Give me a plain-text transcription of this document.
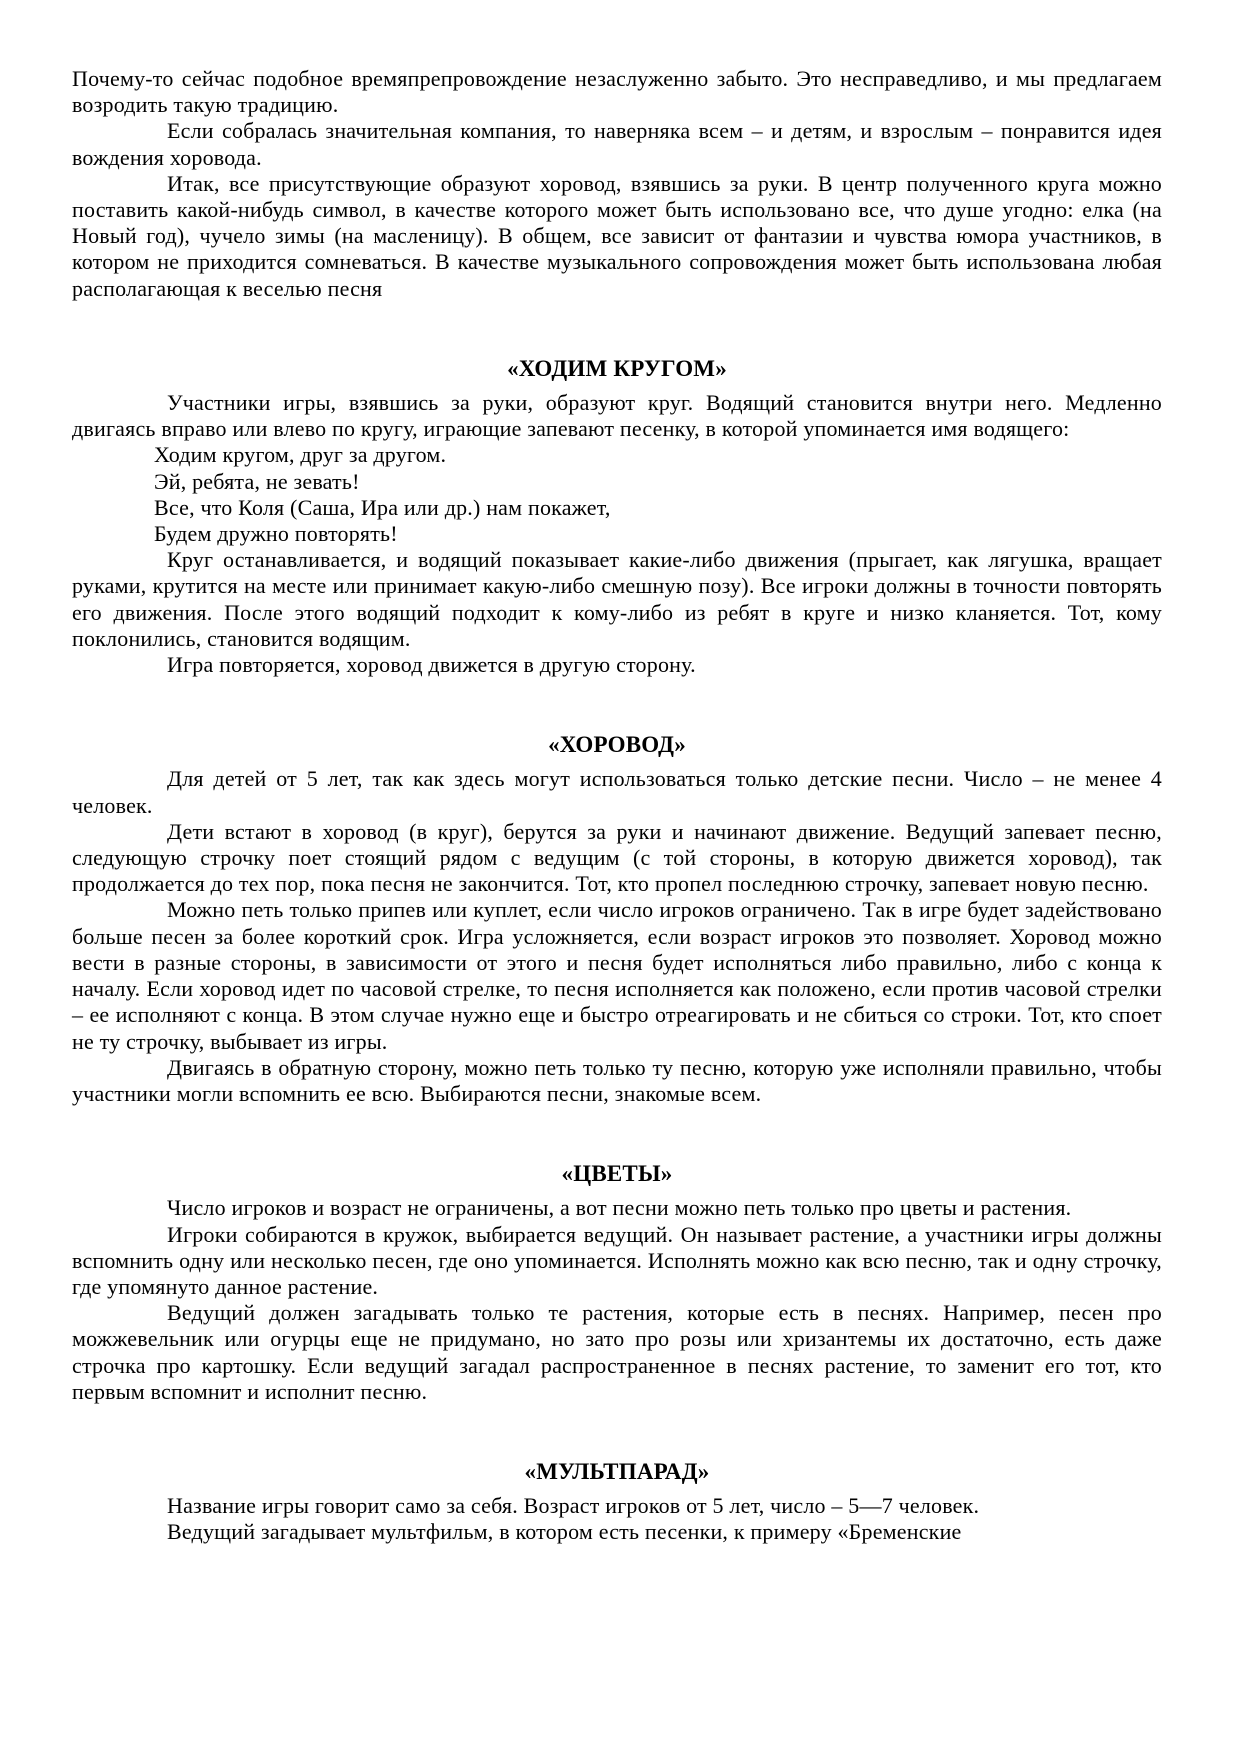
Почему-то сейчас подобное времяпрепровождение незаслуженно забыто. Это несправедливо, и мы предлагаем возродить такую традицию.

Если собралась значительная компания, то наверняка всем – и детям, и взрослым – понравится идея вождения хоровода.

Итак, все присутствующие образуют хоровод, взявшись за руки. В центр полученного круга можно поставить какой-нибудь символ, в качестве которого может быть использовано все, что душе угодно: елка (на Новый год), чучело зимы (на масленицу). В общем, все зависит от фантазии и чувства юмора участников, в котором не приходится сомневаться. В качестве музыкального сопровождения может быть использована любая располагающая к веселью песня

«ХОДИМ КРУГОМ»

Участники игры, взявшись за руки, образуют круг. Водящий становится внутри него. Медленно двигаясь вправо или влево по кругу, играющие запевают песенку, в которой упоминается имя водящего:

Ходим кругом, друг за другом.
Эй, ребята, не зевать!
Все, что Коля (Саша, Ира или др.) нам покажет,
Будем дружно повторять!

Круг останавливается, и водящий показывает какие-либо движения (прыгает, как лягушка, вращает руками, крутится на месте или принимает какую-либо смешную позу). Все игроки должны в точности повторять его движения. После этого водящий подходит к кому-либо из ребят в круге и низко кланяется. Тот, кому поклонились, становится водящим.

Игра повторяется, хоровод движется в другую сторону.

«ХОРОВОД»

Для детей от 5 лет, так как здесь могут использоваться только детские песни. Число – не менее 4 человек.

Дети встают в хоровод (в круг), берутся за руки и начинают движение. Ведущий запевает песню, следующую строчку поет стоящий рядом с ведущим (с той стороны, в которую движется хоровод), так продолжается до тех пор, пока песня не закончится. Тот, кто пропел последнюю строчку, запевает новую песню.

Можно петь только припев или куплет, если число игроков ограничено. Так в игре будет задействовано больше песен за более короткий срок. Игра усложняется, если возраст игроков это позволяет. Хоровод можно вести в разные стороны, в зависимости от этого и песня будет исполняться либо правильно, либо с конца к началу. Если хоровод идет по часовой стрелке, то песня исполняется как положено, если против часовой стрелки – ее исполняют с конца. В этом случае нужно еще и быстро отреагировать и не сбиться со строки. Тот, кто споет не ту строчку, выбывает из игры.

Двигаясь в обратную сторону, можно петь только ту песню, которую уже исполняли правильно, чтобы участники могли вспомнить ее всю. Выбираются песни, знакомые всем.

«ЦВЕТЫ»

Число игроков и возраст не ограничены, а вот песни можно петь только про цветы и растения.

Игроки собираются в кружок, выбирается ведущий. Он называет растение, а участники игры должны вспомнить одну или несколько песен, где оно упоминается. Исполнять можно как всю песню, так и одну строчку, где упомянуто данное растение.

Ведущий должен загадывать только те растения, которые есть в песнях. Например, песен про можжевельник или огурцы еще не придумано, но зато про розы или хризантемы их достаточно, есть даже строчка про картошку. Если ведущий загадал распространенное в песнях растение, то заменит его тот, кто первым вспомнит и исполнит песню.

«МУЛЬТПАРАД»

Название игры говорит само за себя. Возраст игроков от 5 лет, число – 5—7 человек.

Ведущий загадывает мультфильм, в котором есть песенки, к примеру «Бременские
